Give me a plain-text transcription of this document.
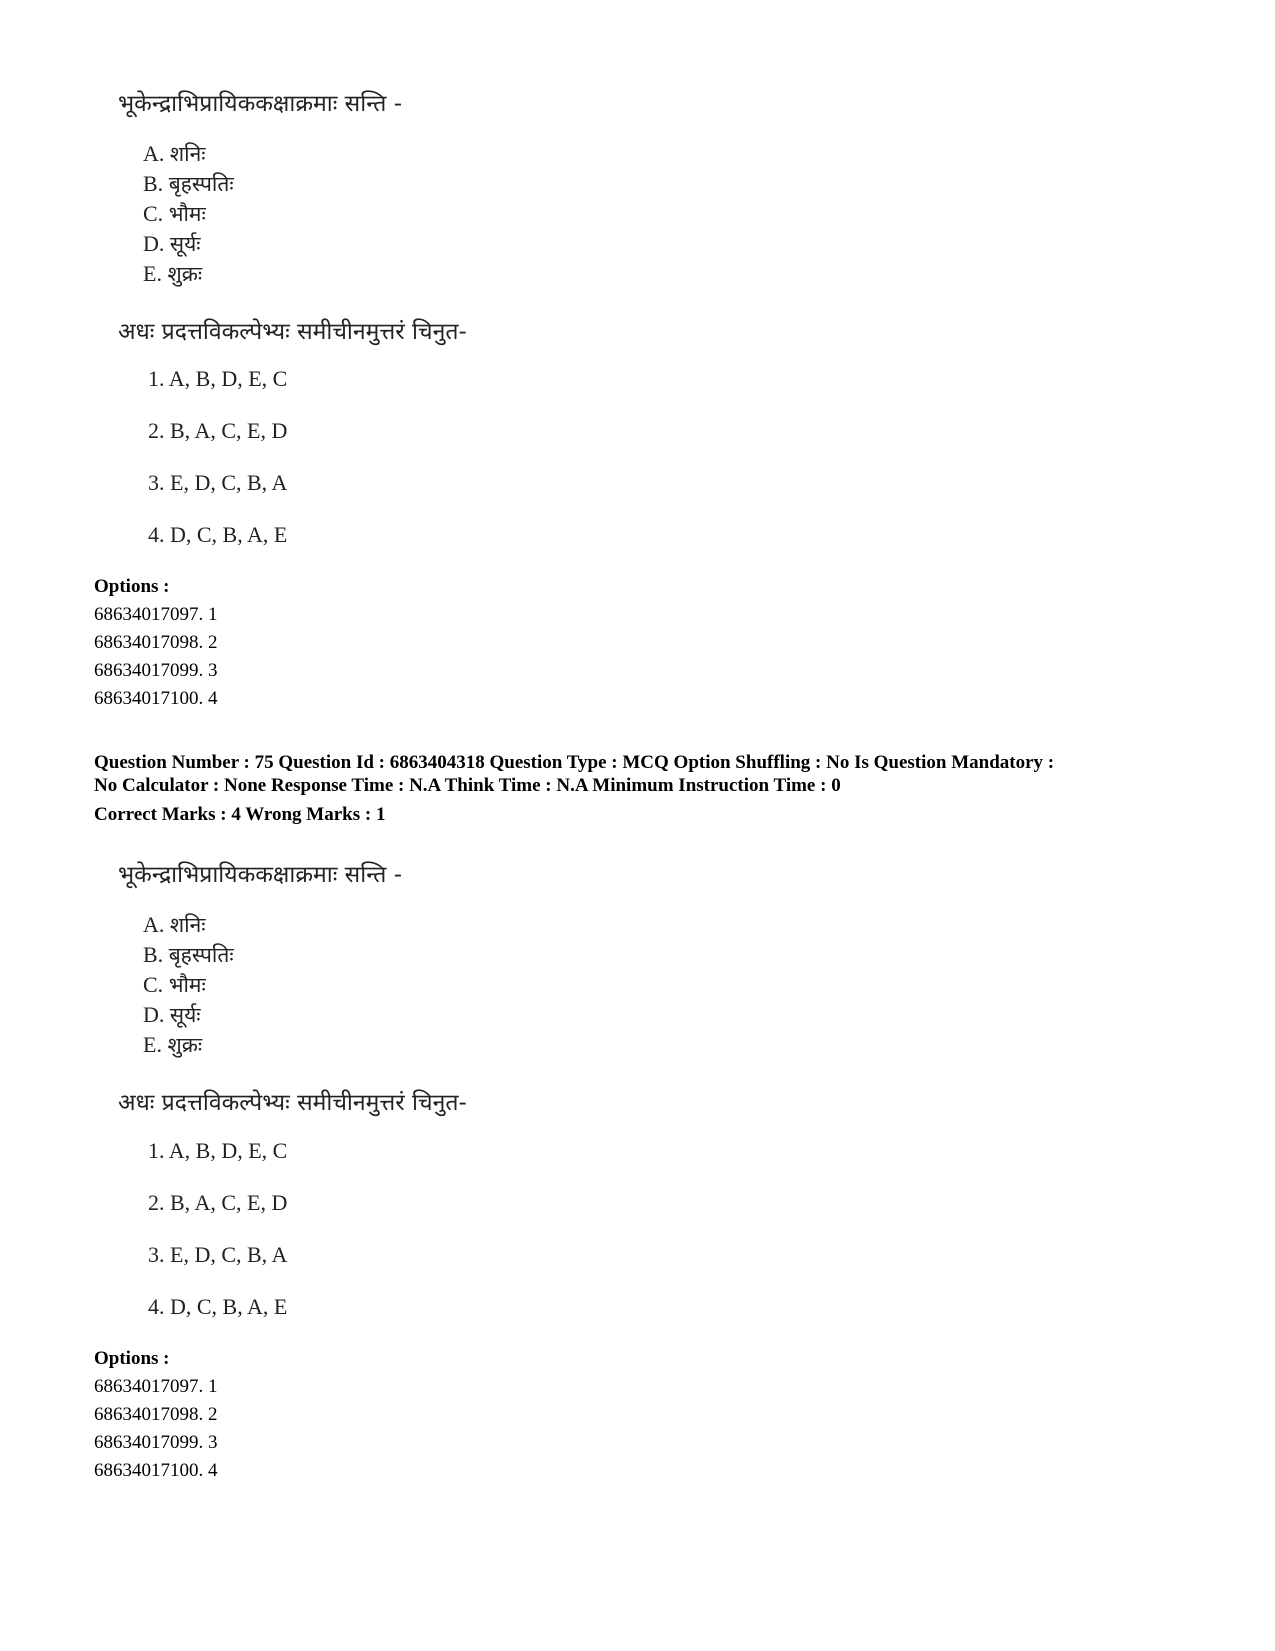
भूकेन्द्राभिप्रायिककक्षाक्रमाः सन्ति -
A. शनिः
B. बृहस्पतिः
C. भौमः
D. सूर्यः
E. शुक्रः
अधः प्रदत्तविकल्पेभ्यः समीचीनमुत्तरं चिनुत-
1. A, B, D, E, C
2. B, A, C, E, D
3. E, D, C, B, A
4. D, C, B, A, E
Options :
68634017097. 1
68634017098. 2
68634017099. 3
68634017100. 4
Question Number : 75 Question Id : 6863404318 Question Type : MCQ Option Shuffling : No Is Question Mandatory :
No Calculator : None Response Time : N.A Think Time : N.A Minimum Instruction Time : 0
Correct Marks : 4 Wrong Marks : 1
भूकेन्द्राभिप्रायिककक्षाक्रमाः सन्ति -
A. शनिः
B. बृहस्पतिः
C. भौमः
D. सूर्यः
E. शुक्रः
अधः प्रदत्तविकल्पेभ्यः समीचीनमुत्तरं चिनुत-
1. A, B, D, E, C
2. B, A, C, E, D
3. E, D, C, B, A
4. D, C, B, A, E
Options :
68634017097. 1
68634017098. 2
68634017099. 3
68634017100. 4
